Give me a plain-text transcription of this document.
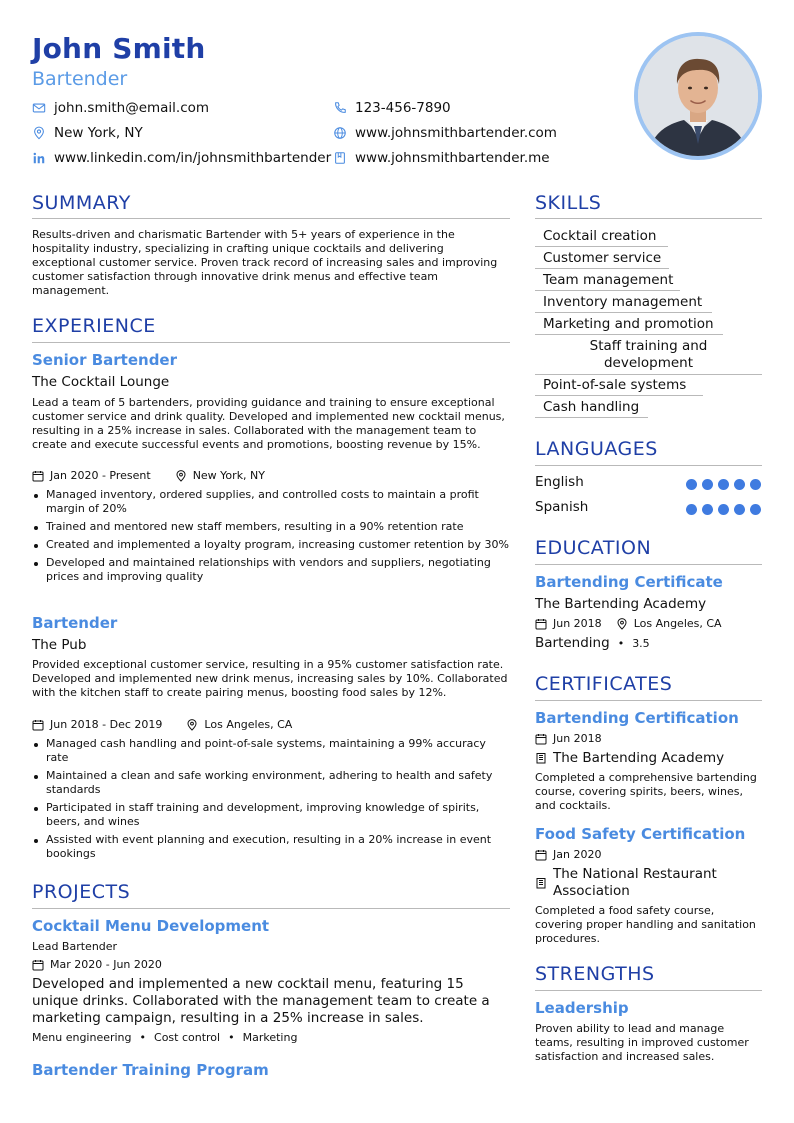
John Smith
Bartender
john.smith@email.com	123-456-7890
New York, NY	www.johnsmithbartender.com
www.linkedin.com/in/johnsmithbartender www.johnsmithbartender.me
SUMMARY
Results-driven and charismatic Bartender with 5+ years of experience in the hospitality industry, specializing in crafting unique cocktails and delivering exceptional customer service. Proven track record of increasing sales and improving customer satisfaction through innovative drink menus and effective team management.
EXPERIENCE
Senior Bartender
The Cocktail Lounge
Lead a team of 5 bartenders, providing guidance and training to ensure exceptional customer service and drink quality. Developed and implemented new cocktail menus, resulting in a 25% increase in sales. Collaborated with the management team to create and execute successful events and promotions, boosting revenue by 15%.
Jan 2020 - Present	New York, NY
Managed inventory, ordered supplies, and controlled costs to maintain a profit margin of 20%
Trained and mentored new staff members, resulting in a 90% retention rate
Created and implemented a loyalty program, increasing customer retention by 30%
Developed and maintained relationships with vendors and suppliers, negotiating prices and improving quality
Bartender
The Pub
Provided exceptional customer service, resulting in a 95% customer satisfaction rate. Developed and implemented new drink menus, increasing sales by 10%. Collaborated with the kitchen staff to create pairing menus, boosting food sales by 12%.
Jun 2018 - Dec 2019	Los Angeles, CA
Managed cash handling and point-of-sale systems, maintaining a 99% accuracy rate
Maintained a clean and safe working environment, adhering to health and safety standards
Participated in staff training and development, improving knowledge of spirits, beers, and wines
Assisted with event planning and execution, resulting in a 20% increase in event bookings
PROJECTS
Cocktail Menu Development
Lead Bartender
Mar 2020 - Jun 2020
Developed and implemented a new cocktail menu, featuring 15 unique drinks. Collaborated with the management team to create a marketing campaign, resulting in a 25% increase in sales.
Menu engineering • Cost control • Marketing
Bartender Training Program
SKILLS
Cocktail creation
Customer service
Team management
Inventory management
Marketing and promotion
Staff training and development
Point-of-sale systems
Cash handling
LANGUAGES
English
Spanish
EDUCATION
Bartending Certificate
The Bartending Academy
Jun 2018	Los Angeles, CA
Bartending • 3.5
CERTIFICATES
Bartending Certification
Jun 2018
The Bartending Academy
Completed a comprehensive bartending course, covering spirits, beers, wines, and cocktails.
Food Safety Certification
Jan 2020
The National Restaurant Association
Completed a food safety course, covering proper handling and sanitation procedures.
STRENGTHS
Leadership
Proven ability to lead and manage teams, resulting in improved customer satisfaction and increased sales.
